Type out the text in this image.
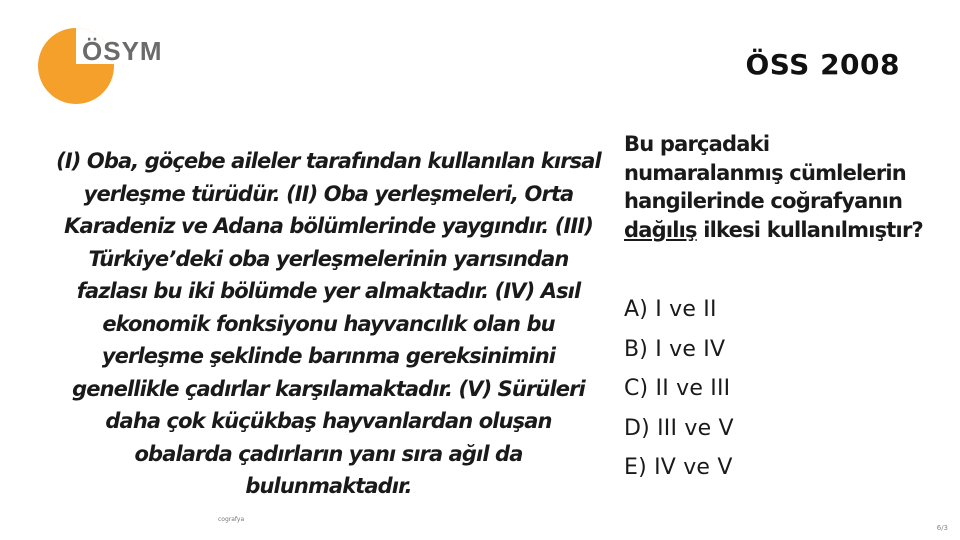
ÖSYM	ÖSS 2008
(I) Oba, göçebe aileler tarafından kullanılan kırsal yerleşme türüdür. (II) Oba yerleşmeleri, Orta Karadeniz ve Adana bölümlerinde yaygındır. (III) Türkiye’deki oba yerleşmelerinin yarısından fazlası bu iki bölümde yer almaktadır. (IV) Asıl ekonomik fonksiyonu hayvancılık olan bu yerleşme şeklinde barınma gereksinimini genellikle çadırlar karşılamaktadır. (V) Sürüleri daha çok küçükbaş hayvanlardan oluşan obalarda çadırların yanı sıra ağıl da bulunmaktadır.
Bu parçadaki numaralanmış cümlelerin hangilerinde coğrafyanın dağılış ilkesi kullanılmıştır?
A) I ve II
B) I ve IV
C) II ve III
D) III ve V
E) IV ve V
cografya
6/3
